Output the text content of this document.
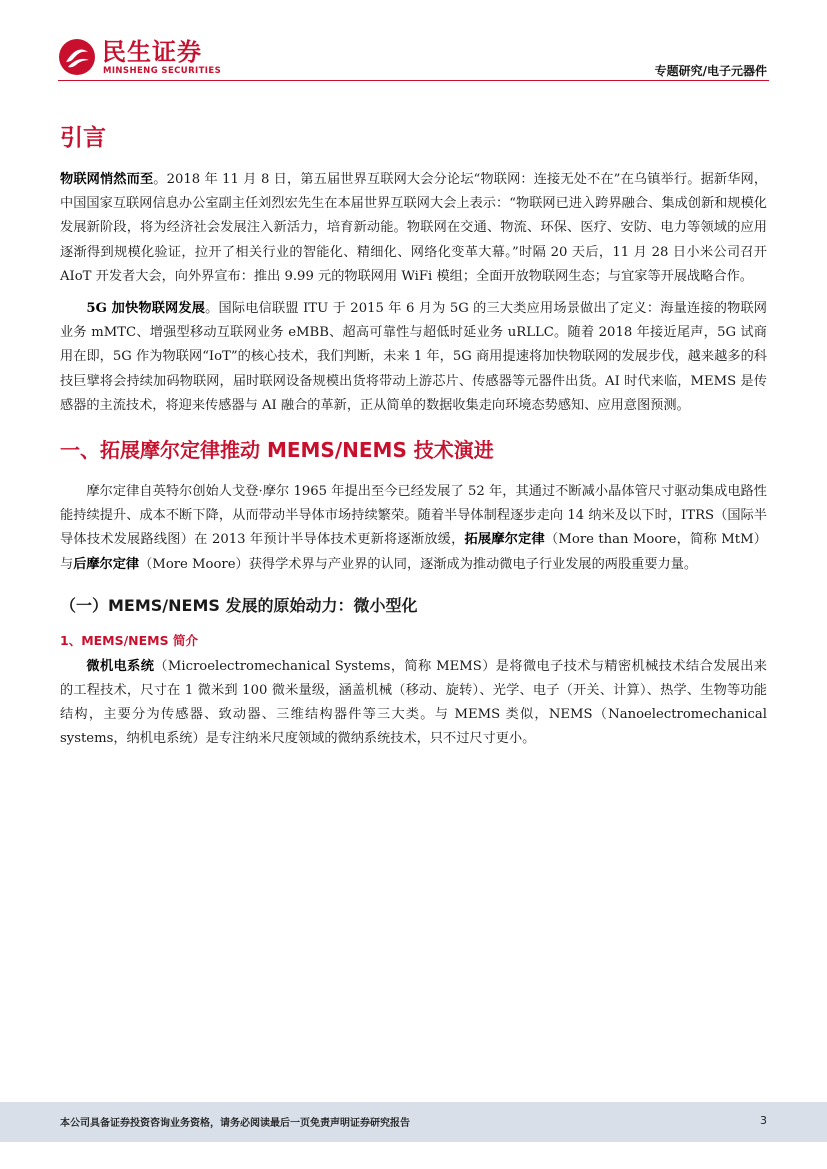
民生证券
MINSHENG SECURITIES	专题研究/电子元器件
引言

物联网悄然而至。2018 年 11 月 8 日，第五届世界互联网大会分论坛“物联网：连接无处不在”在乌镇举行。据新华网，中国国家互联网信息办公室副主任刘烈宏先生在本届世界互联网大会上表示：“物联网已进入跨界融合、集成创新和规模化发展新阶段，将为经济社会发展注入新活力，培育新动能。物联网在交通、物流、环保、医疗、安防、电力等领域的应用逐渐得到规模化验证，拉开了相关行业的智能化、精细化、网络化变革大幕。”时隔 20 天后，11 月 28 日小米公司召开 AIoT 开发者大会，向外界宣布：推出 9.99 元的物联网用 WiFi 模组；全面开放物联网生态；与宜家等开展战略合作。

5G 加快物联网发展。国际电信联盟 ITU 于 2015 年 6 月为 5G 的三大类应用场景做出了定义：海量连接的物联网业务 mMTC、增强型移动互联网业务 eMBB、超高可靠性与超低时延业务 uRLLC。随着 2018 年接近尾声，5G 试商用在即，5G 作为物联网“IoT”的核心技术，我们判断，未来 1 年，5G 商用提速将加快物联网的发展步伐，越来越多的科技巨擘将会持续加码物联网，届时联网设备规模出货将带动上游芯片、传感器等元器件出货。AI 时代来临，MEMS 是传感器的主流技术，将迎来传感器与 AI 融合的革新，正从简单的数据收集走向环境态势感知、应用意图预测。

一、拓展摩尔定律推动 MEMS/NEMS 技术演进

摩尔定律自英特尔创始人戈登·摩尔 1965 年提出至今已经发展了 52 年，其通过不断减小晶体管尺寸驱动集成电路性能持续提升、成本不断下降，从而带动半导体市场持续繁荣。随着半导体制程逐步走向 14 纳米及以下时，ITRS（国际半导体技术发展路线图）在 2013 年预计半导体技术更新将逐渐放缓，拓展摩尔定律（More than Moore，简称 MtM）与后摩尔定律（More Moore）获得学术界与产业界的认同，逐渐成为推动微电子行业发展的两股重要力量。

（一）MEMS/NEMS 发展的原始动力：微小型化
1、MEMS/NEMS 简介

微机电系统（Microelectromechanical Systems，简称 MEMS）是将微电子技术与精密机械技术结合发展出来的工程技术，尺寸在 1 微米到 100 微米量级，涵盖机械（移动、旋转）、光学、电子（开关、计算）、热学、生物等功能结构，主要分为传感器、致动器、三维结构器件等三大类。与 MEMS 类似，NEMS（Nanoelectromechanical systems，纳机电系统）是专注纳米尺度领域的微纳系统技术，只不过尺寸更小。

本公司具备证券投资咨询业务资格，请务必阅读最后一页免责声明证券研究报告	3
